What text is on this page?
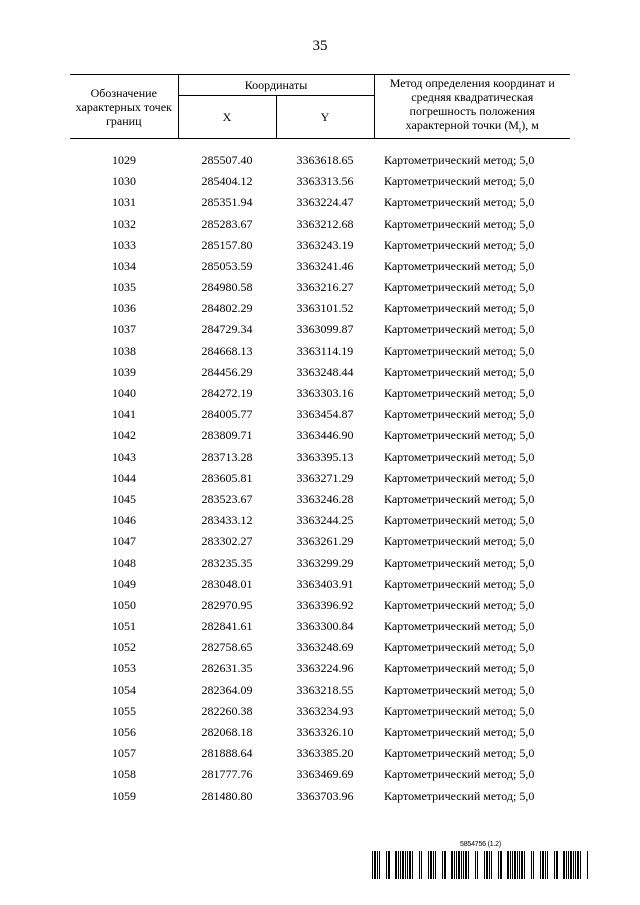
35
Обозначение характерных точек границ	Координаты		Метод определения координат и средняя квадратическая погрешность положения характерной точки $(M_t)$, м
	X	Y	
1029	285507.40	3363618.65	Картометрический метод; 5,0
1030	285404.12	3363313.56	Картометрический метод; 5,0
1031	285351.94	3363224.47	Картометрический метод; 5,0
1032	285283.67	3363212.68	Картометрический метод; 5,0
1033	285157.80	3363243.19	Картометрический метод; 5,0
1034	285053.59	3363241.46	Картометрический метод; 5,0
1035	284980.58	3363216.27	Картометрический метод; 5,0
1036	284802.29	3363101.52	Картометрический метод; 5,0
1037	284729.34	3363099.87	Картометрический метод; 5,0
1038	284668.13	3363114.19	Картометрический метод; 5,0
1039	284456.29	3363248.44	Картометрический метод; 5,0
1040	284272.19	3363303.16	Картометрический метод; 5,0
1041	284005.77	3363454.87	Картометрический метод; 5,0
1042	283809.71	3363446.90	Картометрический метод; 5,0
1043	283713.28	3363395.13	Картометрический метод; 5,0
1044	283605.81	3363271.29	Картометрический метод; 5,0
1045	283523.67	3363246.28	Картометрический метод; 5,0
1046	283433.12	3363244.25	Картометрический метод; 5,0
1047	283302.27	3363261.29	Картометрический метод; 5,0
1048	283235.35	3363299.29	Картометрический метод; 5,0
1049	283048.01	3363403.91	Картометрический метод; 5,0
1050	282970.95	3363396.92	Картометрический метод; 5,0
1051	282841.61	3363300.84	Картометрический метод; 5,0
1052	282758.65	3363248.69	Картометрический метод; 5,0
1053	282631.35	3363224.96	Картометрический метод; 5,0
1054	282364.09	3363218.55	Картометрический метод; 5,0
1055	282260.38	3363234.93	Картометрический метод; 5,0
1056	282068.18	3363326.10	Картометрический метод; 5,0
1057	281888.64	3363385.20	Картометрический метод; 5,0
1058	281777.76	3363469.69	Картометрический метод; 5,0
1059	281480.80	3363703.96	Картометрический метод; 5,0
5854756 (1.2)
